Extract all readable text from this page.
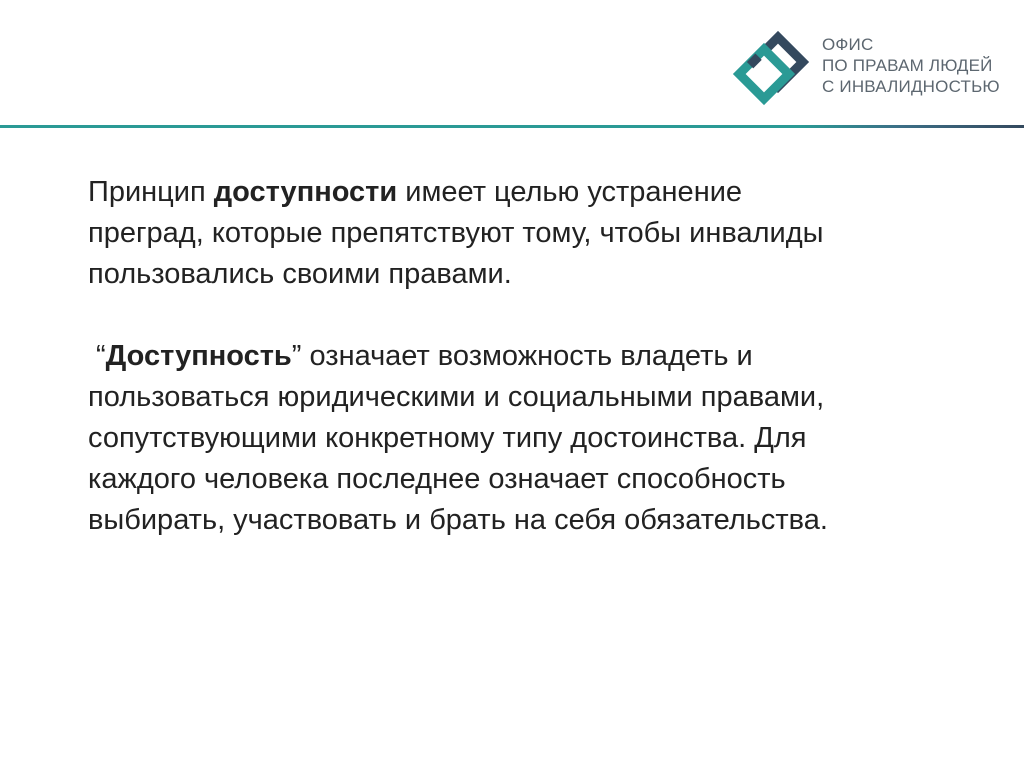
ОФИС
ПО ПРАВАМ ЛЮДЕЙ
С ИНВАЛИДНОСТЬЮ

Принцип доступности имеет целью устранение
преград, которые препятствуют тому, чтобы инвалиды
пользовались своими правами.

“Доступность” означает возможность владеть и
пользоваться юридическими и социальными правами,
сопутствующими конкретному типу достоинства. Для
каждого человека последнее означает способность
выбирать, участвовать и брать на себя обязательства.
